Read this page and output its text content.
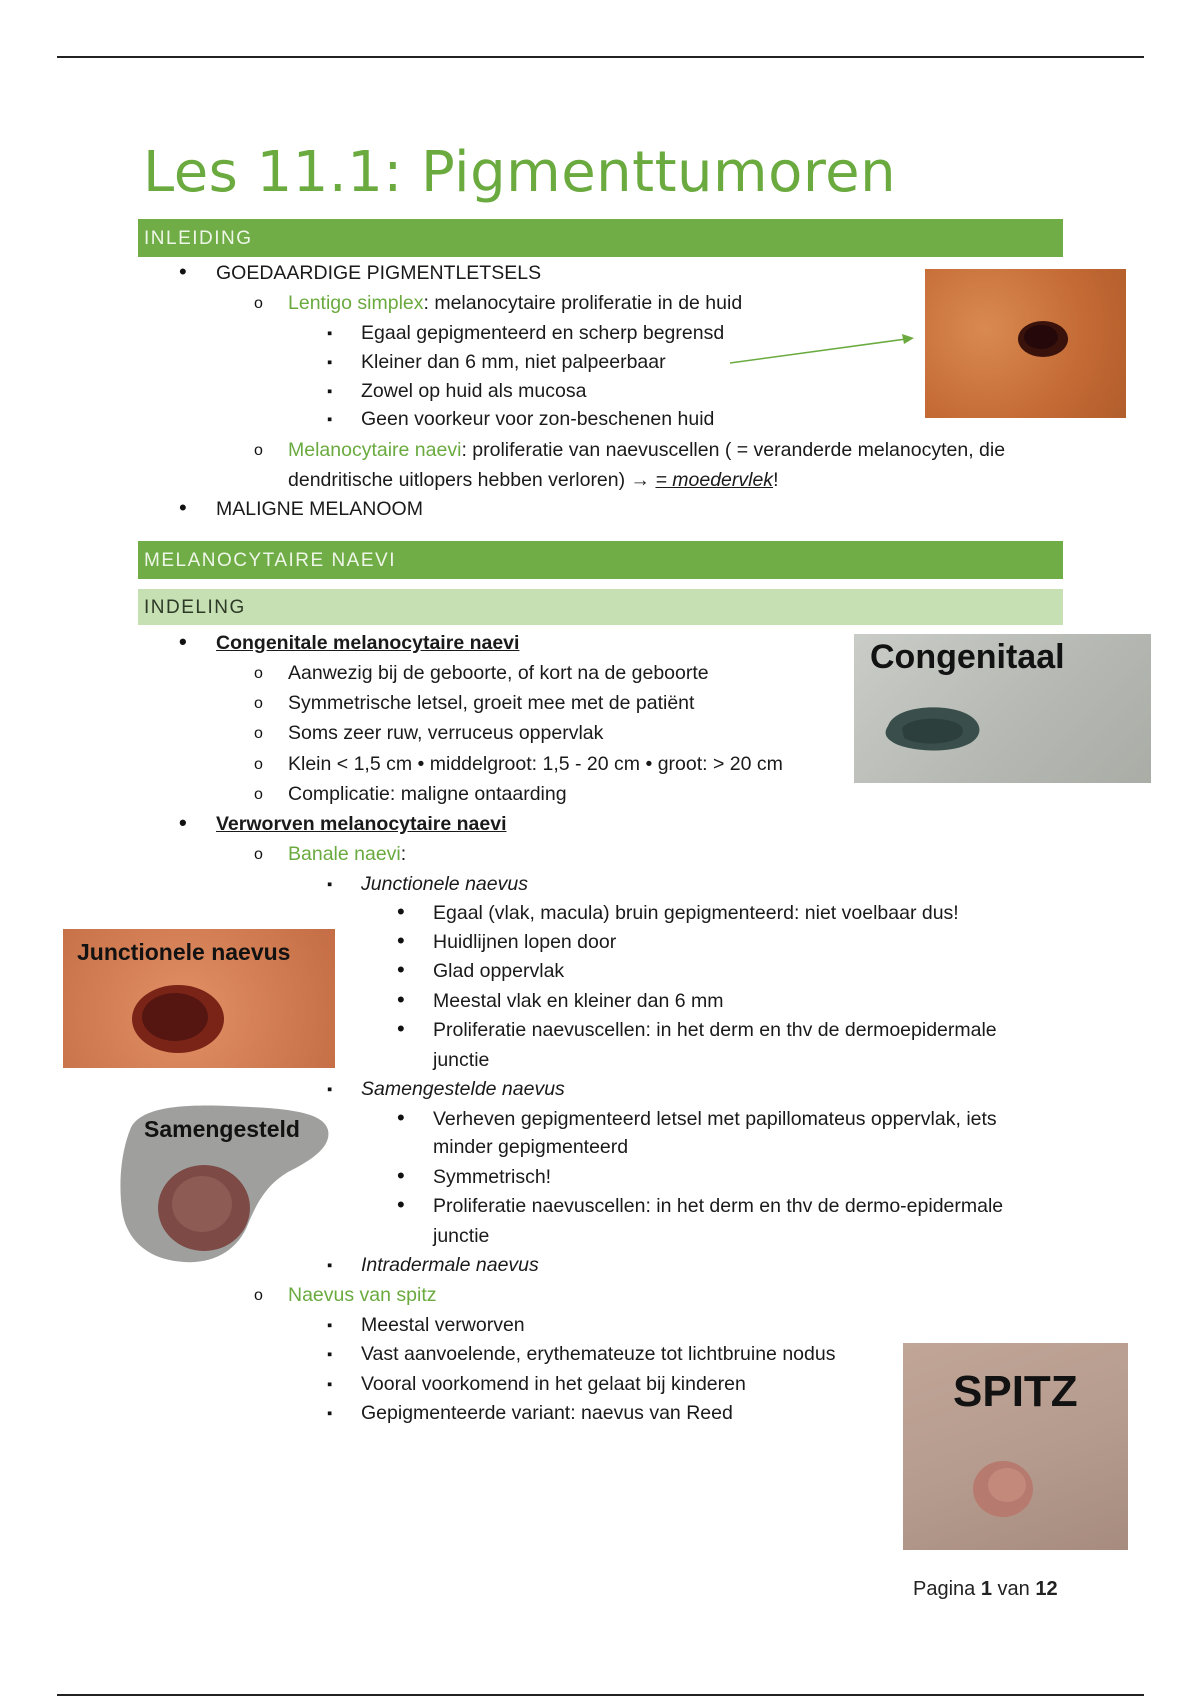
Les 11.1: Pigmenttumoren
INLEIDING
• GOEDAARDIGE PIGMENTLETSELS
o Lentigo simplex: melanocytaire proliferatie in de huid
▪ Egaal gepigmenteerd en scherp begrensd
▪ Kleiner dan 6 mm, niet palpeerbaar
▪ Zowel op huid als mucosa
▪ Geen voorkeur voor zon-beschenen huid
o Melanocytaire naevi: proliferatie van naevuscellen ( = veranderde melanocyten, die
dendritische uitlopers hebben verloren) → = moedervlek!
• MALIGNE MELANOOM
MELANOCYTAIRE NAEVI
INDELING
• Congenitale melanocytaire naevi
o Aanwezig bij de geboorte, of kort na de geboorte
o Symmetrische letsel, groeit mee met de patiënt
o Soms zeer ruw, verruceus oppervlak
o Klein < 1,5 cm • middelgroot: 1,5 - 20 cm • groot: > 20 cm
o Complicatie: maligne ontaarding
• Verworven melanocytaire naevi
o Banale naevi:
▪ Junctionele naevus
• Egaal (vlak, macula) bruin gepigmenteerd: niet voelbaar dus!
• Huidlijnen lopen door
• Glad oppervlak
• Meestal vlak en kleiner dan 6 mm
• Proliferatie naevuscellen: in het derm en thv de dermoepidermale
junctie
▪ Samengestelde naevus
• Verheven gepigmenteerd letsel met papillomateus oppervlak, iets
minder gepigmenteerd
• Symmetrisch!
• Proliferatie naevuscellen: in het derm en thv de dermo-epidermale
junctie
▪ Intradermale naevus
o Naevus van spitz
▪ Meestal verworven
▪ Vast aanvoelende, erythemateuze tot lichtbruine nodus
▪ Vooral voorkomend in het gelaat bij kinderen
▪ Gepigmenteerde variant: naevus van Reed
Congenitaal
Junctionele naevus
Samengesteld
SPITZ
Pagina 1 van 12
